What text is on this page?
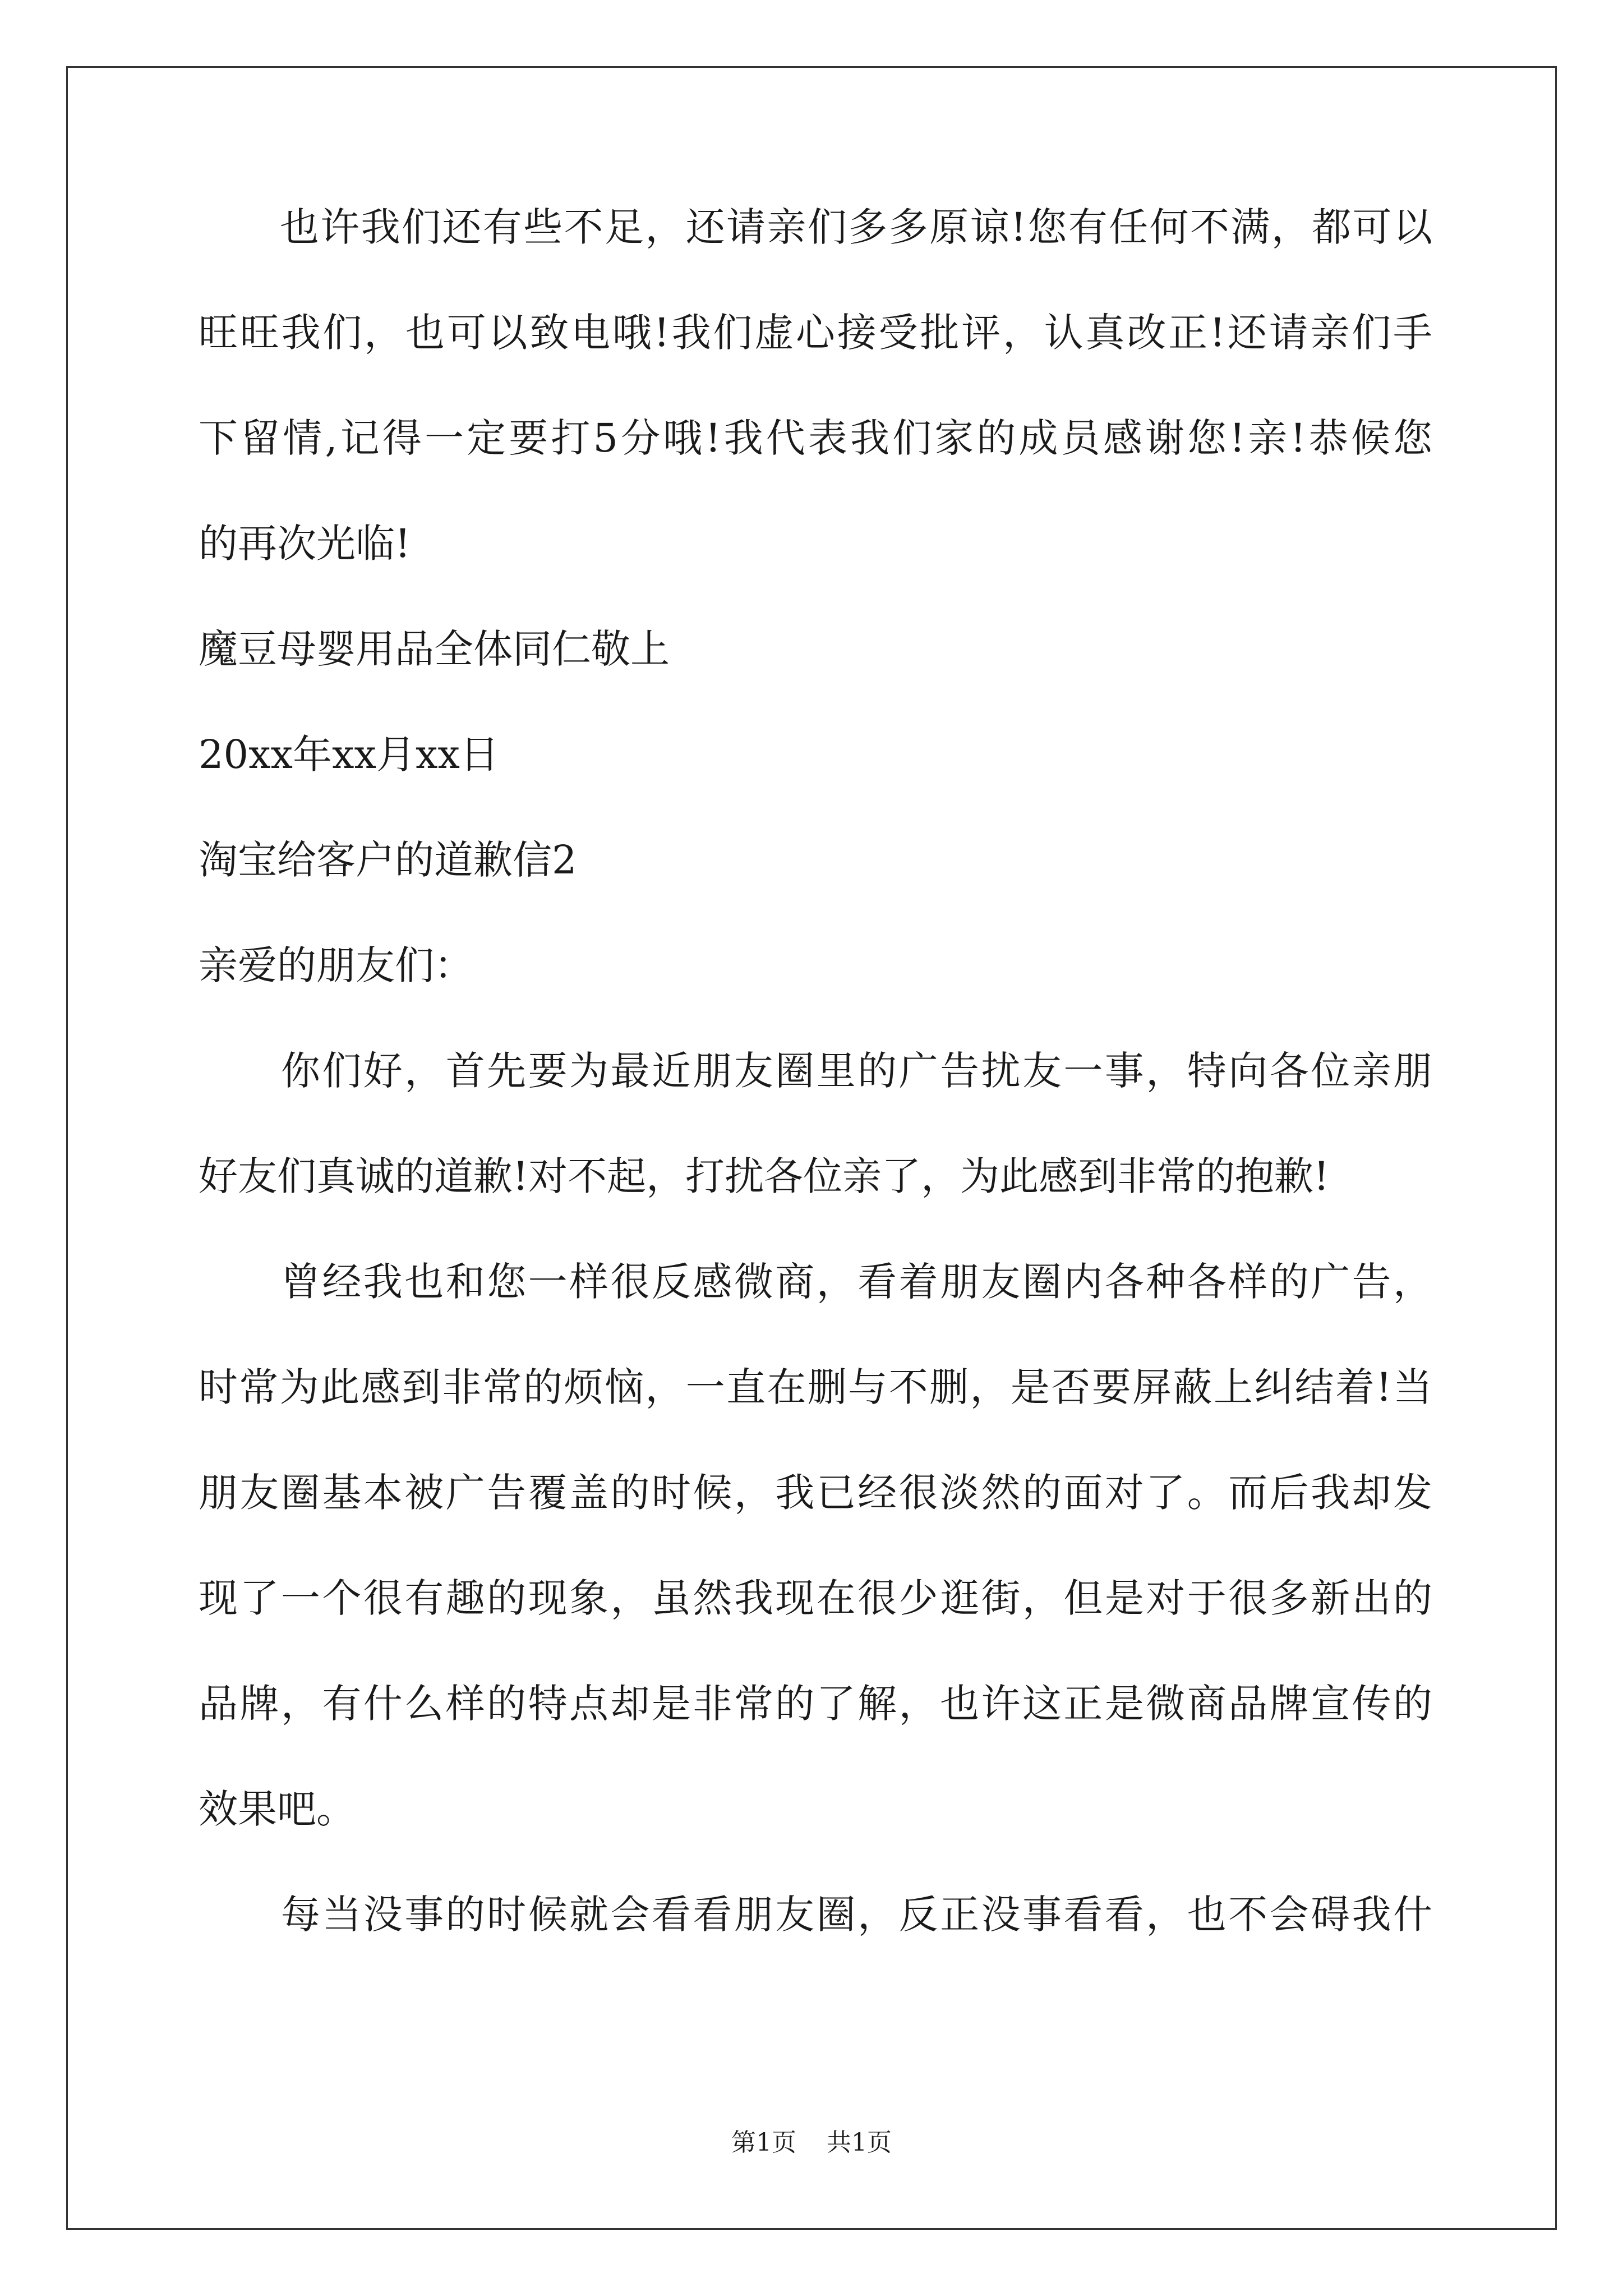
　　也许我们还有些不足，还请亲们多多原谅!您有任何不满，都可以
旺旺我们，也可以致电哦!我们虚心接受批评，认真改正!还请亲们手
下留情,记得一定要打5分哦!我代表我们家的成员感谢您!亲!恭候您
的再次光临!
魔豆母婴用品全体同仁敬上
20xx年xx月xx日
淘宝给客户的道歉信2
亲爱的朋友们：
　　你们好，首先要为最近朋友圈里的广告扰友一事，特向各位亲朋
好友们真诚的道歉!对不起，打扰各位亲了，为此感到非常的抱歉!
　　曾经我也和您一样很反感微商，看着朋友圈内各种各样的广告，
时常为此感到非常的烦恼，一直在删与不删，是否要屏蔽上纠结着!当
朋友圈基本被广告覆盖的时候，我已经很淡然的面对了。而后我却发
现了一个很有趣的现象，虽然我现在很少逛街，但是对于很多新出的
品牌，有什么样的特点却是非常的了解，也许这正是微商品牌宣传的
效果吧。
　　每当没事的时候就会看看朋友圈，反正没事看看，也不会碍我什
第1页 共1页
